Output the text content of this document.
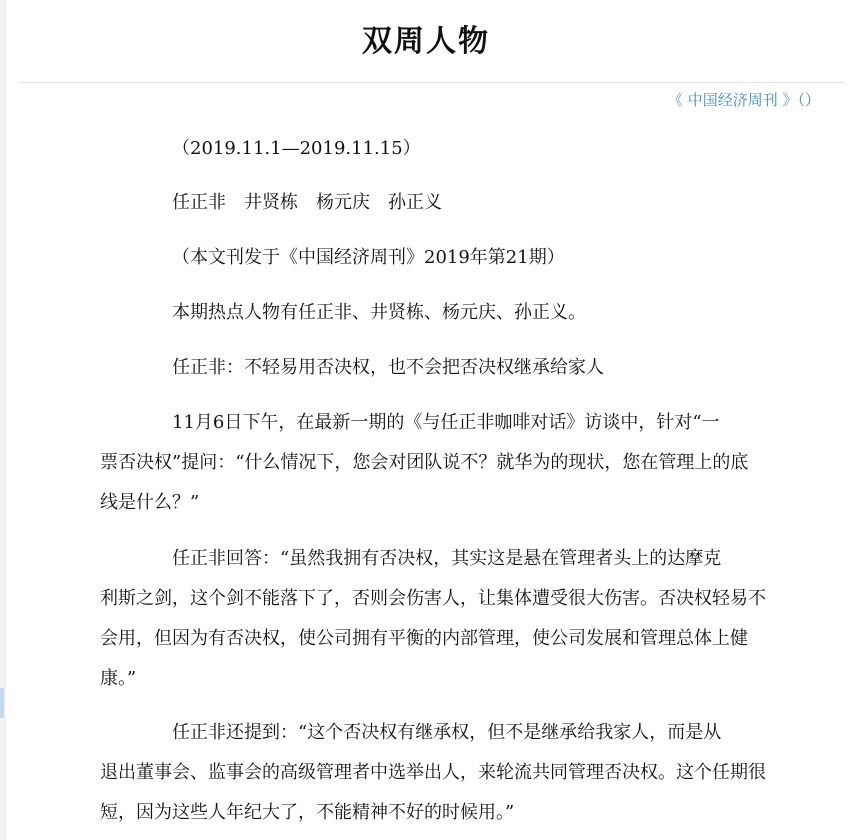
双周人物
《 中国经济周刊 》（）
（2019.11.1—2019.11.15）
任正非　井贤栋　杨元庆　孙正义
（本文刊发于《中国经济周刊》2019年第21期）
本期热点人物有任正非、井贤栋、杨元庆、孙正义。
任正非：不轻易用否决权，也不会把否决权继承给家人
11月6日下午，在最新一期的《与任正非咖啡对话》访谈中，针对“一
票否决权”提问：“什么情况下，您会对团队说不？就华为的现状，您在管理上的底
线是什么？”
任正非回答：“虽然我拥有否决权，其实这是悬在管理者头上的达摩克
利斯之剑，这个剑不能落下了，否则会伤害人，让集体遭受很大伤害。否决权轻易不
会用，但因为有否决权，使公司拥有平衡的内部管理，使公司发展和管理总体上健
康。”
任正非还提到：“这个否决权有继承权，但不是继承给我家人，而是从
退出董事会、监事会的高级管理者中选举出人，来轮流共同管理否决权。这个任期很
短，因为这些人年纪大了，不能精神不好的时候用。”
